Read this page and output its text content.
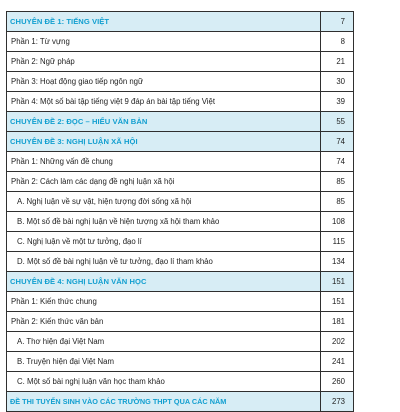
CHUYÊN ĐỀ 1: TIẾNG VIỆT	7
Phần 1: Từ vựng	8
Phần 2: Ngữ pháp	21
Phần 3: Hoạt động giao tiếp ngôn ngữ	30
Phần 4: Một số bài tập tiếng việt 9 đáp án bài tập tiếng Việt	39
CHUYÊN ĐỀ 2: ĐỌC – HIỂU VĂN BẢN	55
CHUYÊN ĐỀ 3: NGHỊ LUẬN XÃ HỘI	74
Phần 1: Những vấn đề chung	74
Phần 2: Cách làm các dạng đề nghị luận xã hội	85
A. Nghị luận về sự vật, hiện tượng đời sống xã hội	85
B. Một số đề bài nghị luận về hiện tượng xã hội tham khảo	108
C. Nghị luận về một tư tưởng, đạo lí	115
D. Một số đề bài nghị luận về tư tưởng, đạo lí tham khảo	134
CHUYÊN ĐỀ 4: NGHỊ LUẬN VĂN HỌC	151
Phần 1: Kiến thức chung	151
Phần 2: Kiến thức văn bản	181
A. Thơ hiện đại Việt Nam	202
B. Truyện hiện đại Việt Nam	241
C. Một số bài nghị luận văn học tham khảo	260
ĐỀ THI TUYỂN SINH VÀO CÁC TRƯỜNG THPT QUA CÁC NĂM	273
